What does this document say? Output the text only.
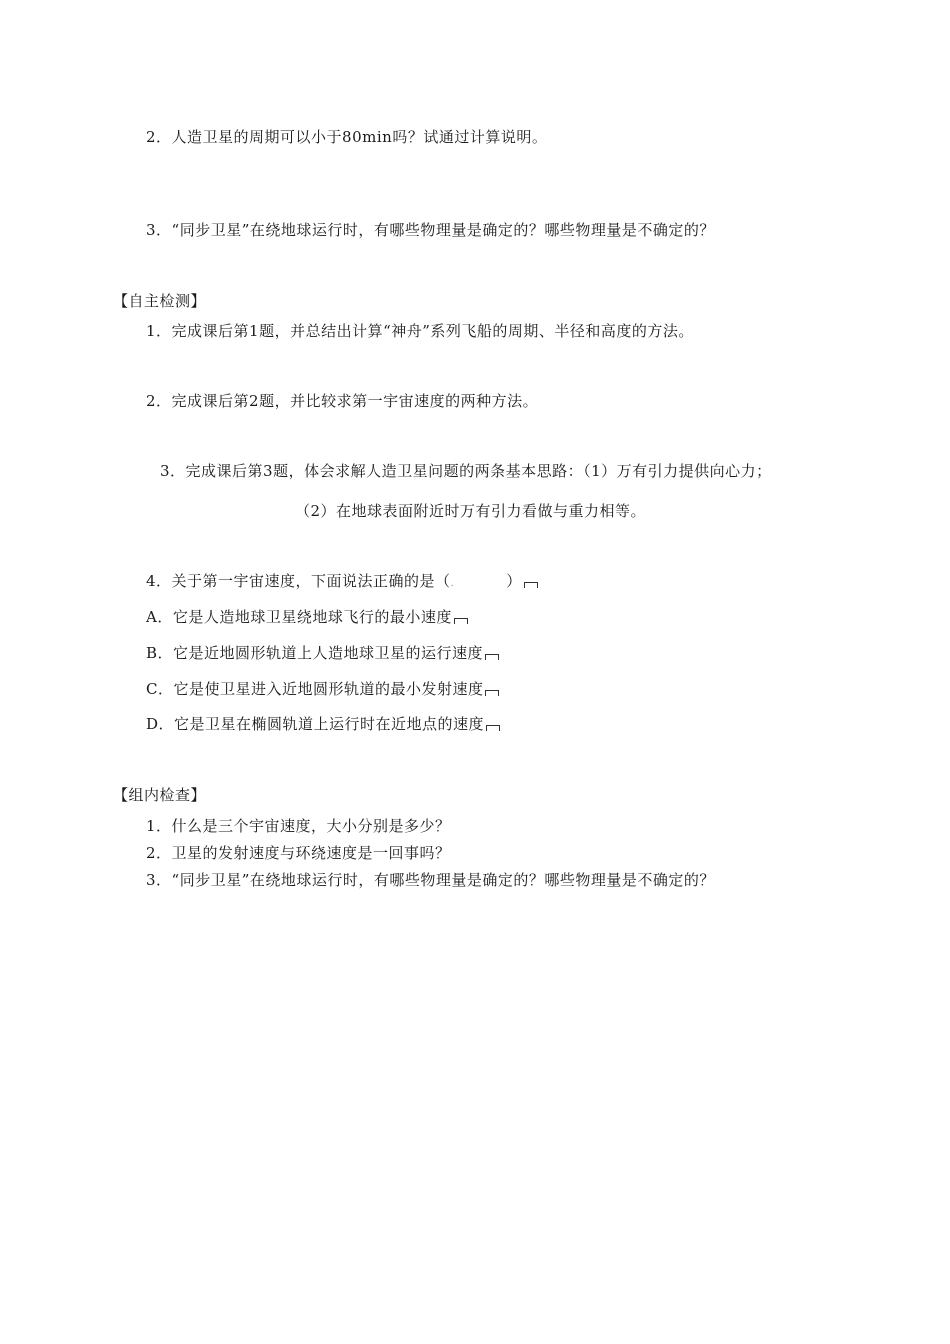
2．人造卫星的周期可以小于80min吗？试通过计算说明。
3．“同步卫星”在绕地球运行时，有哪些物理量是确定的？哪些物理量是不确定的？
【自主检测】
1．完成课后第1题，并总结出计算“神舟”系列飞船的周期、半径和高度的方法。
2．完成课后第2题，并比较求第一宇宙速度的两种方法。
3．完成课后第3题，体会求解人造卫星问题的两条基本思路：（1）万有引力提供向心力；
（2）在地球表面附近时万有引力看做与重力相等。
4．关于第一宇宙速度，下面说法正确的是（.	）
A．它是人造地球卫星绕地球飞行的最小速度
B．它是近地圆形轨道上人造地球卫星的运行速度
C．它是使卫星进入近地圆形轨道的最小发射速度
D．它是卫星在椭圆轨道上运行时在近地点的速度
【组内检查】
1．什么是三个宇宙速度，大小分别是多少？
2．卫星的发射速度与环绕速度是一回事吗？
3．“同步卫星”在绕地球运行时，有哪些物理量是确定的？哪些物理量是不确定的？
